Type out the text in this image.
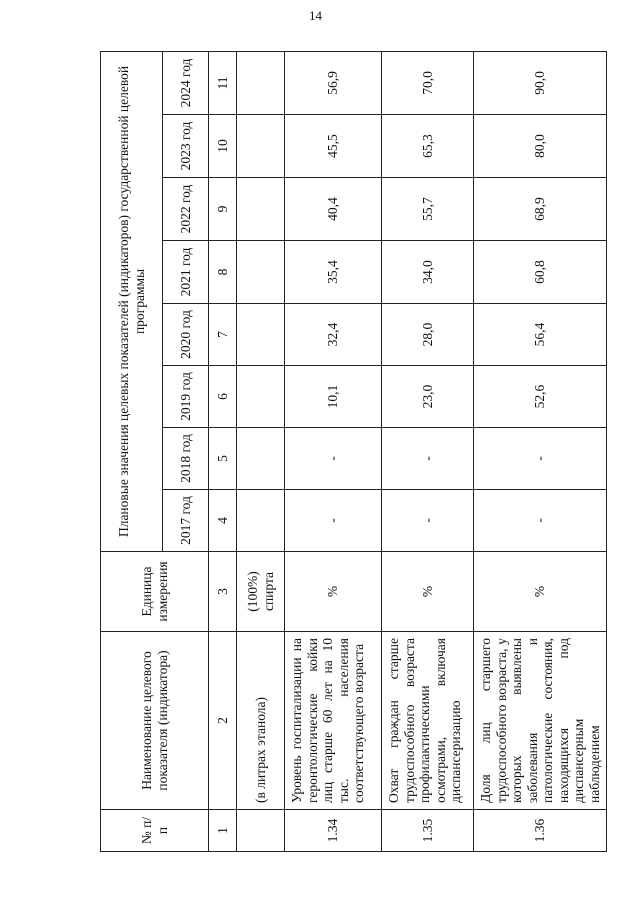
14
№ п/п	Наименование целевого показателя (индикатора)	Единица измерения	Плановые значения целевых показателей (индикаторов) государственной целевой программы							
			2017 год	2018 год	2019 год	2020 год	2021 год	2022 год	2023 год	2024 год
1	2	3	4	5	6	7	8	9	10	11
	(в литрах этанола)	(100%) спирта								
1.34	Уровень госпитализации на геронтологические койки лиц старше 60 лет на 10 тыс. населения соответствующего возраста	%	-	-	10,1	32,4	35,4	40,4	45,5	56,9
1.35	Охват граждан старше трудоспособного возраста профилактическими осмотрами, включая диспансеризацию	%	-	-	23,0	28,0	34,0	55,7	65,3	70,0
1.36	Доля лиц старшего трудоспособного возраста, у которых выявлены заболевания и патологические состояния, находящихся под диспансерным наблюдением	%	-	-	52,6	56,4	60,8	68,9	80,0	90,0
